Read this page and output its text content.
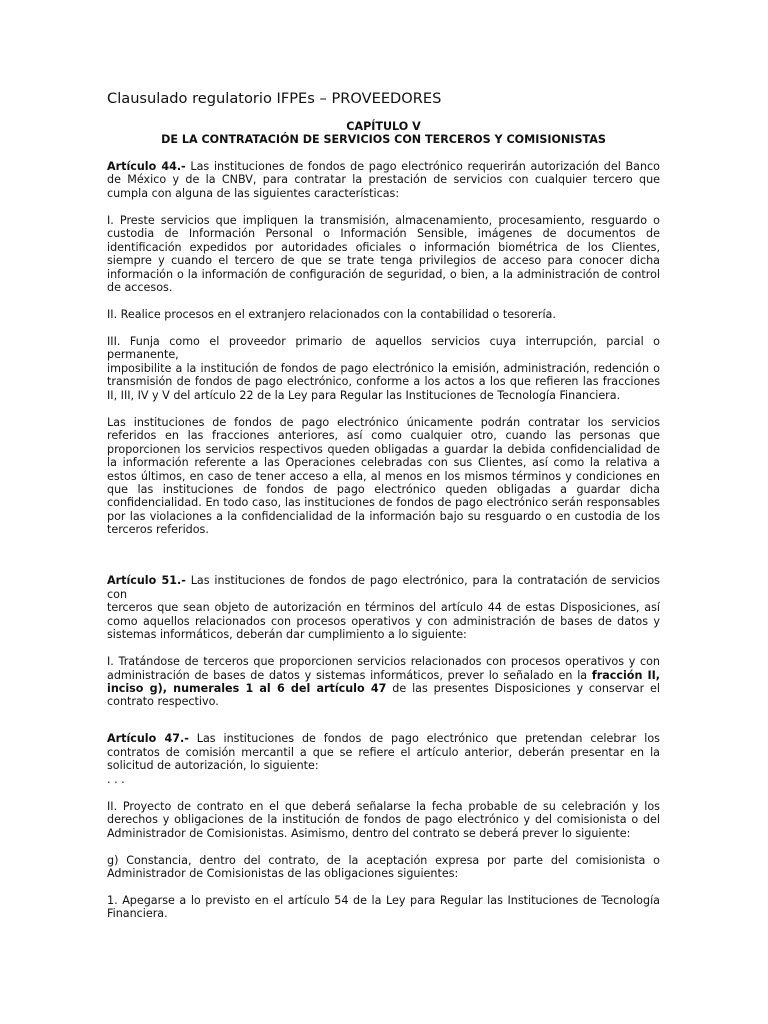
Clausulado regulatorio IFPEs – PROVEEDORES
CAPÍTULO V
DE LA CONTRATACIÓN DE SERVICIOS CON TERCEROS Y COMISIONISTAS

Artículo 44.- Las instituciones de fondos de pago electrónico requerirán autorización del Banco de México y de la CNBV, para contratar la prestación de servicios con cualquier tercero que cumpla con alguna de las siguientes características:

I. Preste servicios que impliquen la transmisión, almacenamiento, procesamiento, resguardo o custodia de Información Personal o Información Sensible, imágenes de documentos de identificación expedidos por autoridades oficiales o información biométrica de los Clientes, siempre y cuando el tercero de que se trate tenga privilegios de acceso para conocer dicha información o la información de configuración de seguridad, o bien, a la administración de control de accesos.

II. Realice procesos en el extranjero relacionados con la contabilidad o tesorería.

III. Funja como el proveedor primario de aquellos servicios cuya interrupción, parcial o permanente,

imposibilite a la institución de fondos de pago electrónico la emisión, administración, redención o transmisión de fondos de pago electrónico, conforme a los actos a los que refieren las fracciones II, III, IV y V del artículo 22 de la Ley para Regular las Instituciones de Tecnología Financiera.

Las instituciones de fondos de pago electrónico únicamente podrán contratar los servicios referidos en las fracciones anteriores, así como cualquier otro, cuando las personas que proporcionen los servicios respectivos queden obligadas a guardar la debida confidencialidad de la información referente a las Operaciones celebradas con sus Clientes, así como la relativa a estos últimos, en caso de tener acceso a ella, al menos en los mismos términos y condiciones en que las instituciones de fondos de pago electrónico queden obligadas a guardar dicha confidencialidad. En todo caso, las instituciones de fondos de pago electrónico serán responsables por las violaciones a la confidencialidad de la información bajo su resguardo o en custodia de los terceros referidos.

Artículo 51.- Las instituciones de fondos de pago electrónico, para la contratación de servicios con

terceros que sean objeto de autorización en términos del artículo 44 de estas Disposiciones, así como aquellos relacionados con procesos operativos y con administración de bases de datos y sistemas informáticos, deberán dar cumplimiento a lo siguiente:

I. Tratándose de terceros que proporcionen servicios relacionados con procesos operativos y con administración de bases de datos y sistemas informáticos, prever lo señalado en la fracción II, inciso g), numerales 1 al 6 del artículo 47 de las presentes Disposiciones y conservar el contrato respectivo.

Artículo 47.- Las instituciones de fondos de pago electrónico que pretendan celebrar los contratos de comisión mercantil a que se refiere el artículo anterior, deberán presentar en la solicitud de autorización, lo siguiente:

. . .

II. Proyecto de contrato en el que deberá señalarse la fecha probable de su celebración y los derechos y obligaciones de la institución de fondos de pago electrónico y del comisionista o del Administrador de Comisionistas. Asimismo, dentro del contrato se deberá prever lo siguiente:

g) Constancia, dentro del contrato, de la aceptación expresa por parte del comisionista o Administrador de Comisionistas de las obligaciones siguientes:

1. Apegarse a lo previsto en el artículo 54 de la Ley para Regular las Instituciones de Tecnología Financiera.
